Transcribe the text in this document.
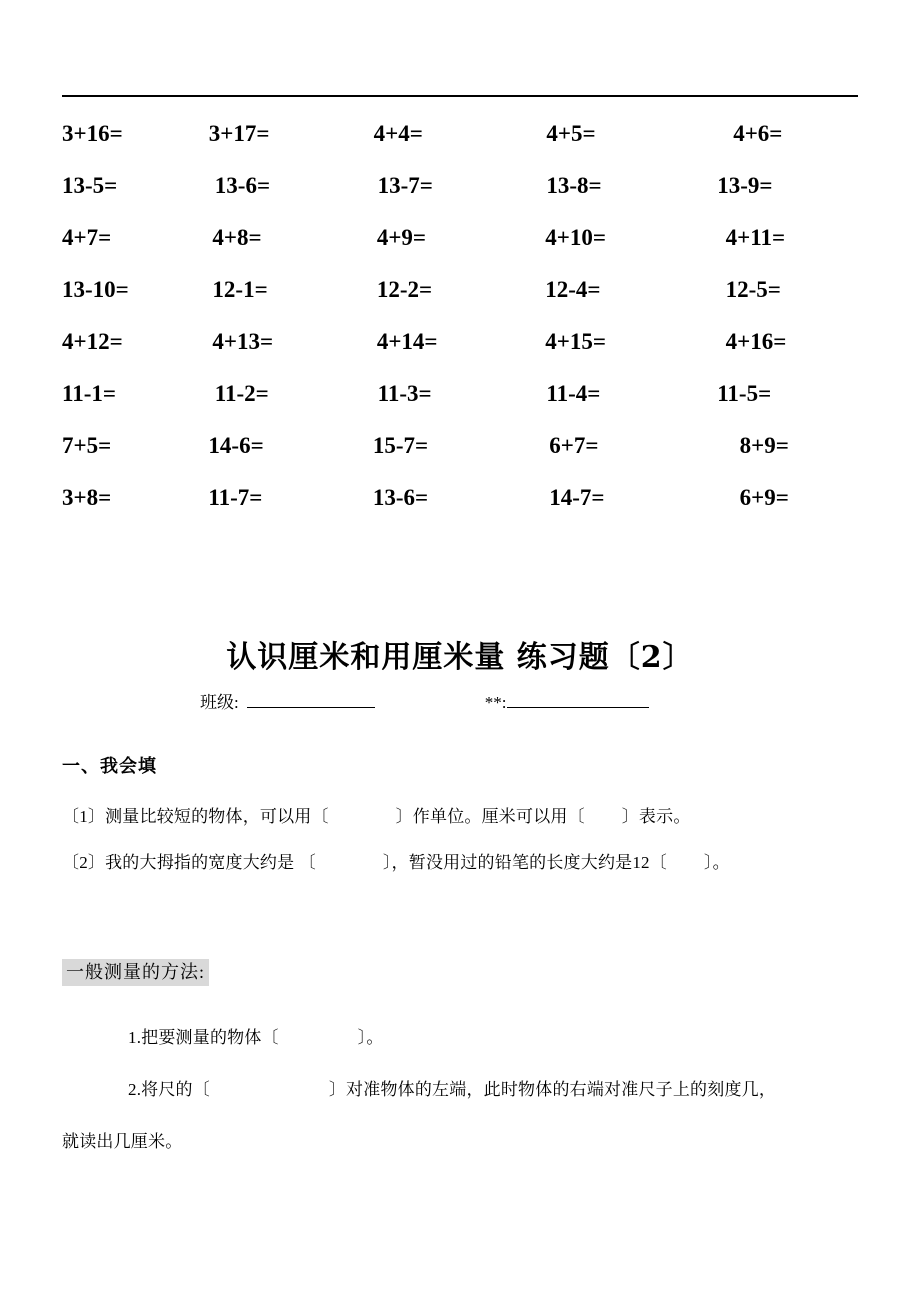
3+16=	3+17=	4+4=	4+5=	4+6=
13-5=	13-6=	13-7=	13-8=	13-9=
4+7=	4+8=	4+9=	4+10=	4+11=
13-10=	12-1=	12-2=	12-4=	12-5=
4+12=	4+13=	4+14=	4+15=	4+16=
11-1=	11-2=	11-3=	11-4=	11-5=
7+5=	14-6=	15-7=	6+7=	8+9=
3+8=	11-7=	13-6=	14-7=	6+9=
认识厘米和用厘米量 练习题〔2〕
班级:	**:
一、我会填
〔1〕测量比较短的物体，可以用〔	〕作单位。厘米可以用〔 〕表示。
〔2〕我的大拇指的宽度大约是 〔	〕，暂没用过的铅笔的长度大约是12〔 〕。
一般测量的方法:
1.把要测量的物体〔	〕。
2.将尺的〔	〕对准物体的左端，此时物体的右端对准尺子上的刻度几，
就读出几厘米。
